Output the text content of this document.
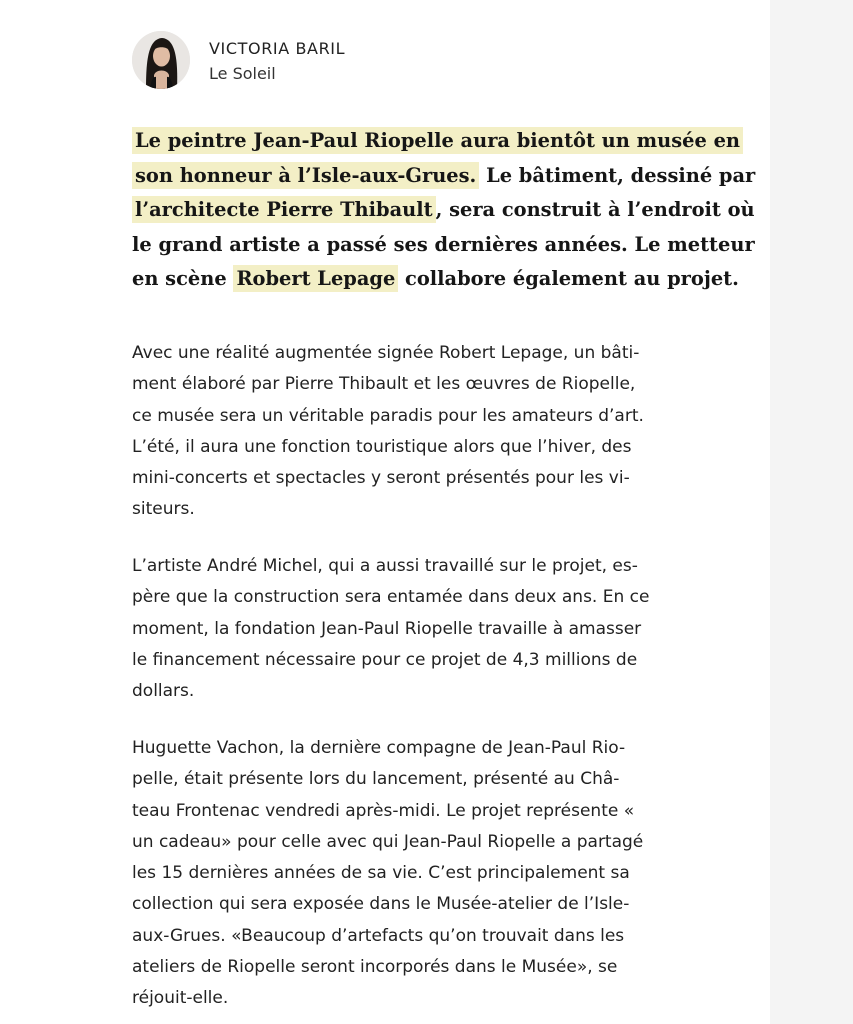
VICTORIA BARIL
Le Soleil

Le peintre Jean-Paul Riopelle aura bientôt un musée en
son honneur à l’Isle-aux-Grues. Le bâtiment, dessiné par
l’architecte Pierre Thibault , sera construit à l’endroit où
le grand artiste a passé ses dernières années. Le metteur
en scène Robert Lepage collabore également au projet.

Avec une réalité augmentée signée Robert Lepage, un bâti-
ment élaboré par Pierre Thibault et les œuvres de Riopelle,
ce musée sera un véritable paradis pour les amateurs d’art.
L’été, il aura une fonction touristique alors que l’hiver, des
mini-concerts et spectacles y seront présentés pour les vi-
siteurs.

L’artiste André Michel, qui a aussi travaillé sur le projet, es-
père que la construction sera entamée dans deux ans. En ce
moment, la fondation Jean-Paul Riopelle travaille à amasser
le financement nécessaire pour ce projet de 4,3 millions de
dollars.

Huguette Vachon, la dernière compagne de Jean-Paul Rio-
pelle, était présente lors du lancement, présenté au Châ-
teau Frontenac vendredi après-midi. Le projet représente «
un cadeau» pour celle avec qui Jean-Paul Riopelle a partagé
les 15 dernières années de sa vie. C’est principalement sa
collection qui sera exposée dans le Musée-atelier de l’Isle-
aux-Grues. «Beaucoup d’artefacts qu’on trouvait dans les
ateliers de Riopelle seront incorporés dans le Musée», se
réjouit-elle.
